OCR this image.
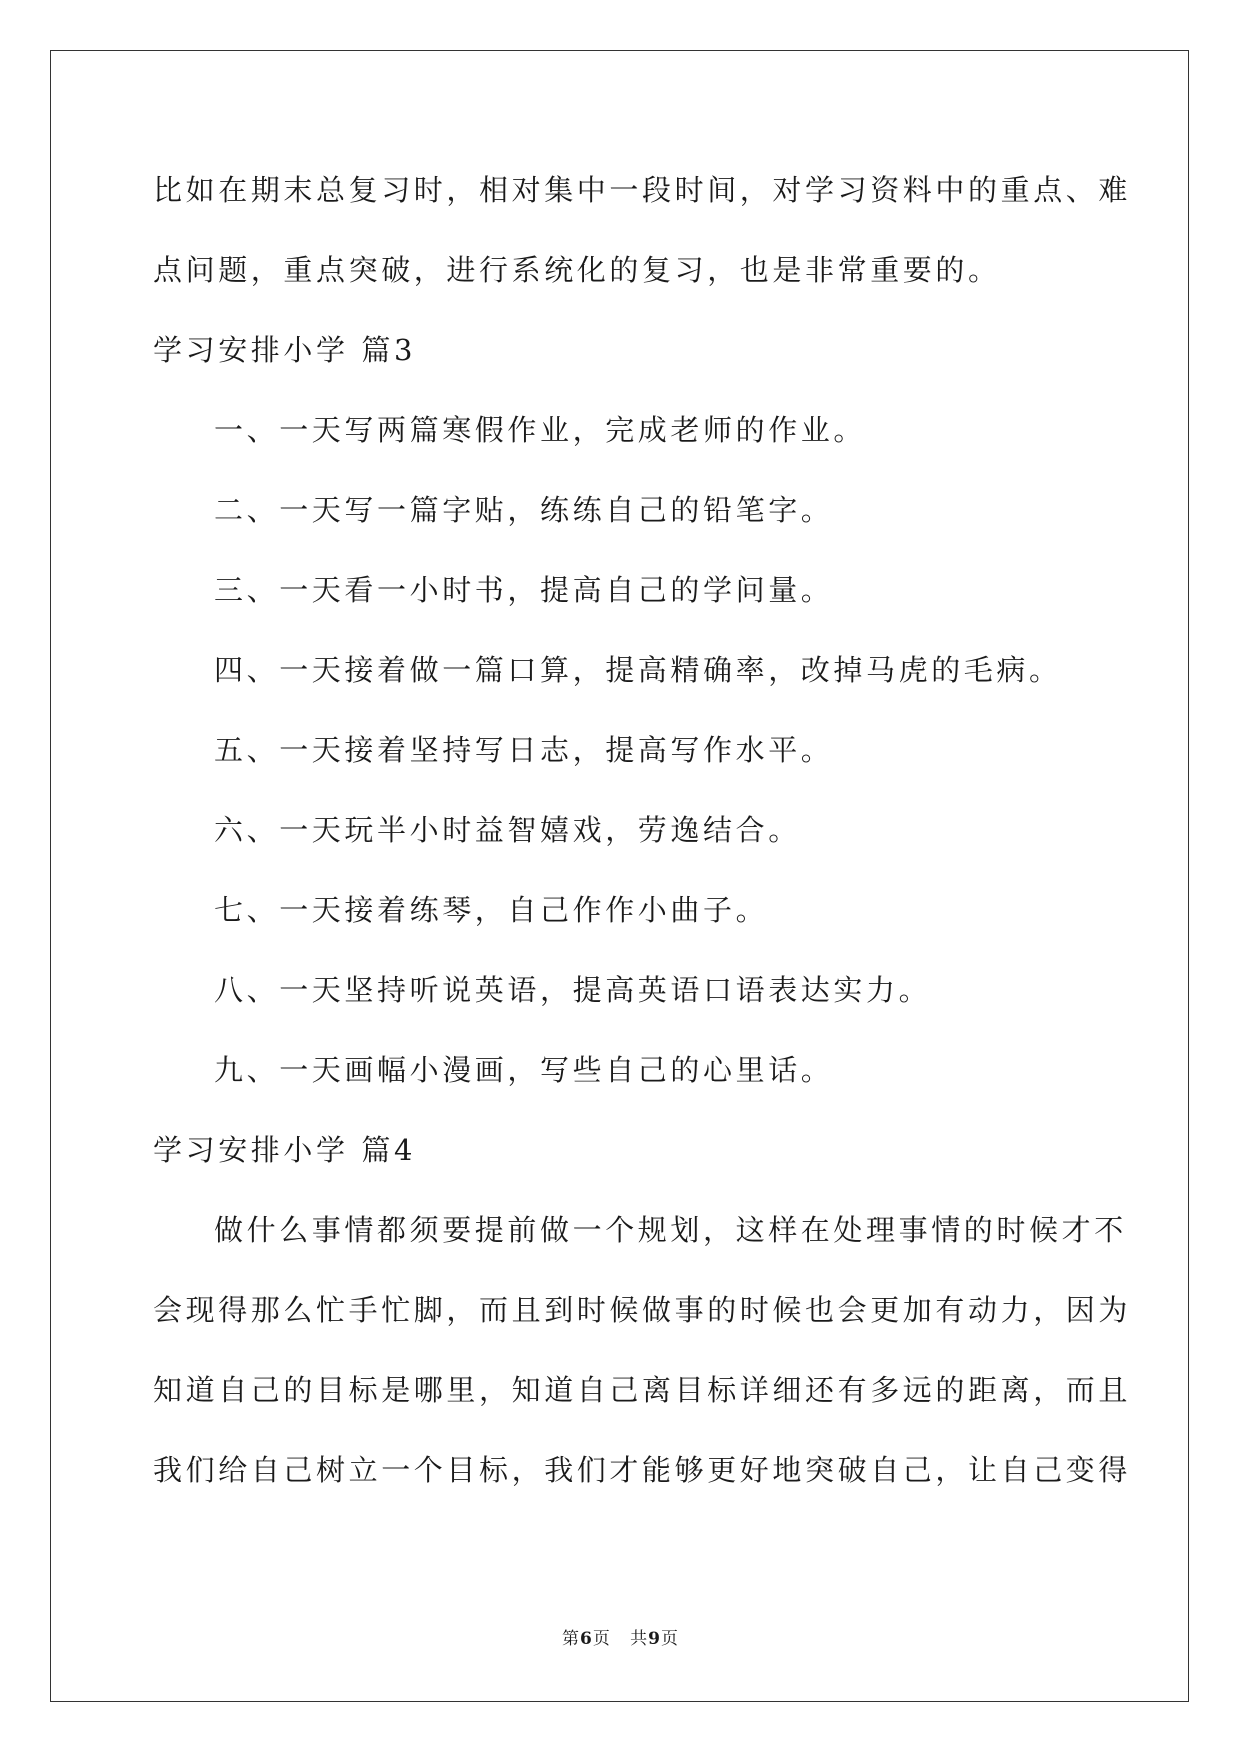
比如在期末总复习时，相对集中一段时间，对学习资料中的重点、难
点问题，重点突破，进行系统化的复习，也是非常重要的。
学习安排小学 篇3
一、一天写两篇寒假作业，完成老师的作业。
二、一天写一篇字贴，练练自己的铅笔字。
三、一天看一小时书，提高自己的学问量。
四、一天接着做一篇口算，提高精确率，改掉马虎的毛病。
五、一天接着坚持写日志，提高写作水平。
六、一天玩半小时益智嬉戏，劳逸结合。
七、一天接着练琴，自己作作小曲子。
八、一天坚持听说英语，提高英语口语表达实力。
九、一天画幅小漫画，写些自己的心里话。
学习安排小学 篇4
做什么事情都须要提前做一个规划，这样在处理事情的时候才不
会现得那么忙手忙脚，而且到时候做事的时候也会更加有动力，因为
知道自己的目标是哪里，知道自己离目标详细还有多远的距离，而且
我们给自己树立一个目标，我们才能够更好地突破自己，让自己变得
第6页 共9页
